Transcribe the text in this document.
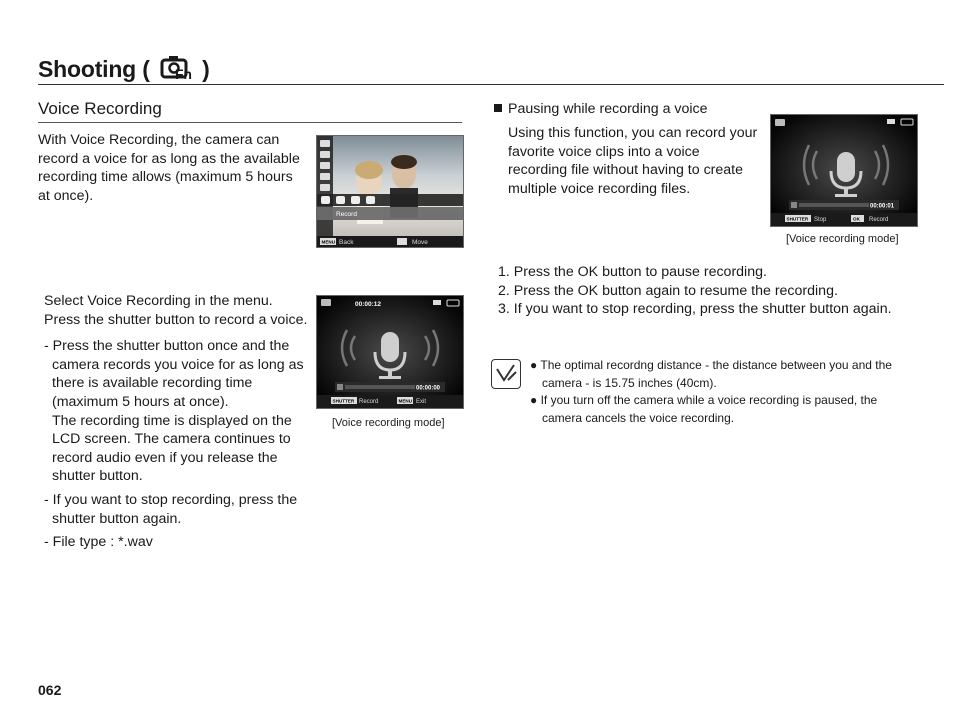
Shooting ( Fn )
Voice Recording
With Voice Recording, the camera can record a voice for as long as the available recording time allows (maximum 5 hours at once).
Record
MENU Back	Move
Select Voice Recording in the menu.
Press the shutter button to record a voice.
- Press the shutter button once and the camera records you voice for as long as there is available recording time (maximum 5 hours at once).
The recording time is displayed on the LCD screen. The camera continues to record audio even if you release the shutter button.
- If you want to stop recording, press the shutter button again.
- File type : *.wav
00:00:12
00:00:00
SHUTTER Record	MENU Exit
[Voice recording mode]
Pausing while recording a voice
Using this function, you can record your favorite voice clips into a voice recording file without having to create multiple voice recording files.
00:00:01
SHUTTER Stop	OK Record
[Voice recording mode]
1. Press the OK button to pause recording.
2. Press the OK button again to resume the recording.
3. If you want to stop recording, press the shutter button again.
● The optimal recordng distance - the distance between you and the camera - is 15.75 inches (40cm).
● If you turn off the camera while a voice recording is paused, the camera cancels the voice recording.
062
